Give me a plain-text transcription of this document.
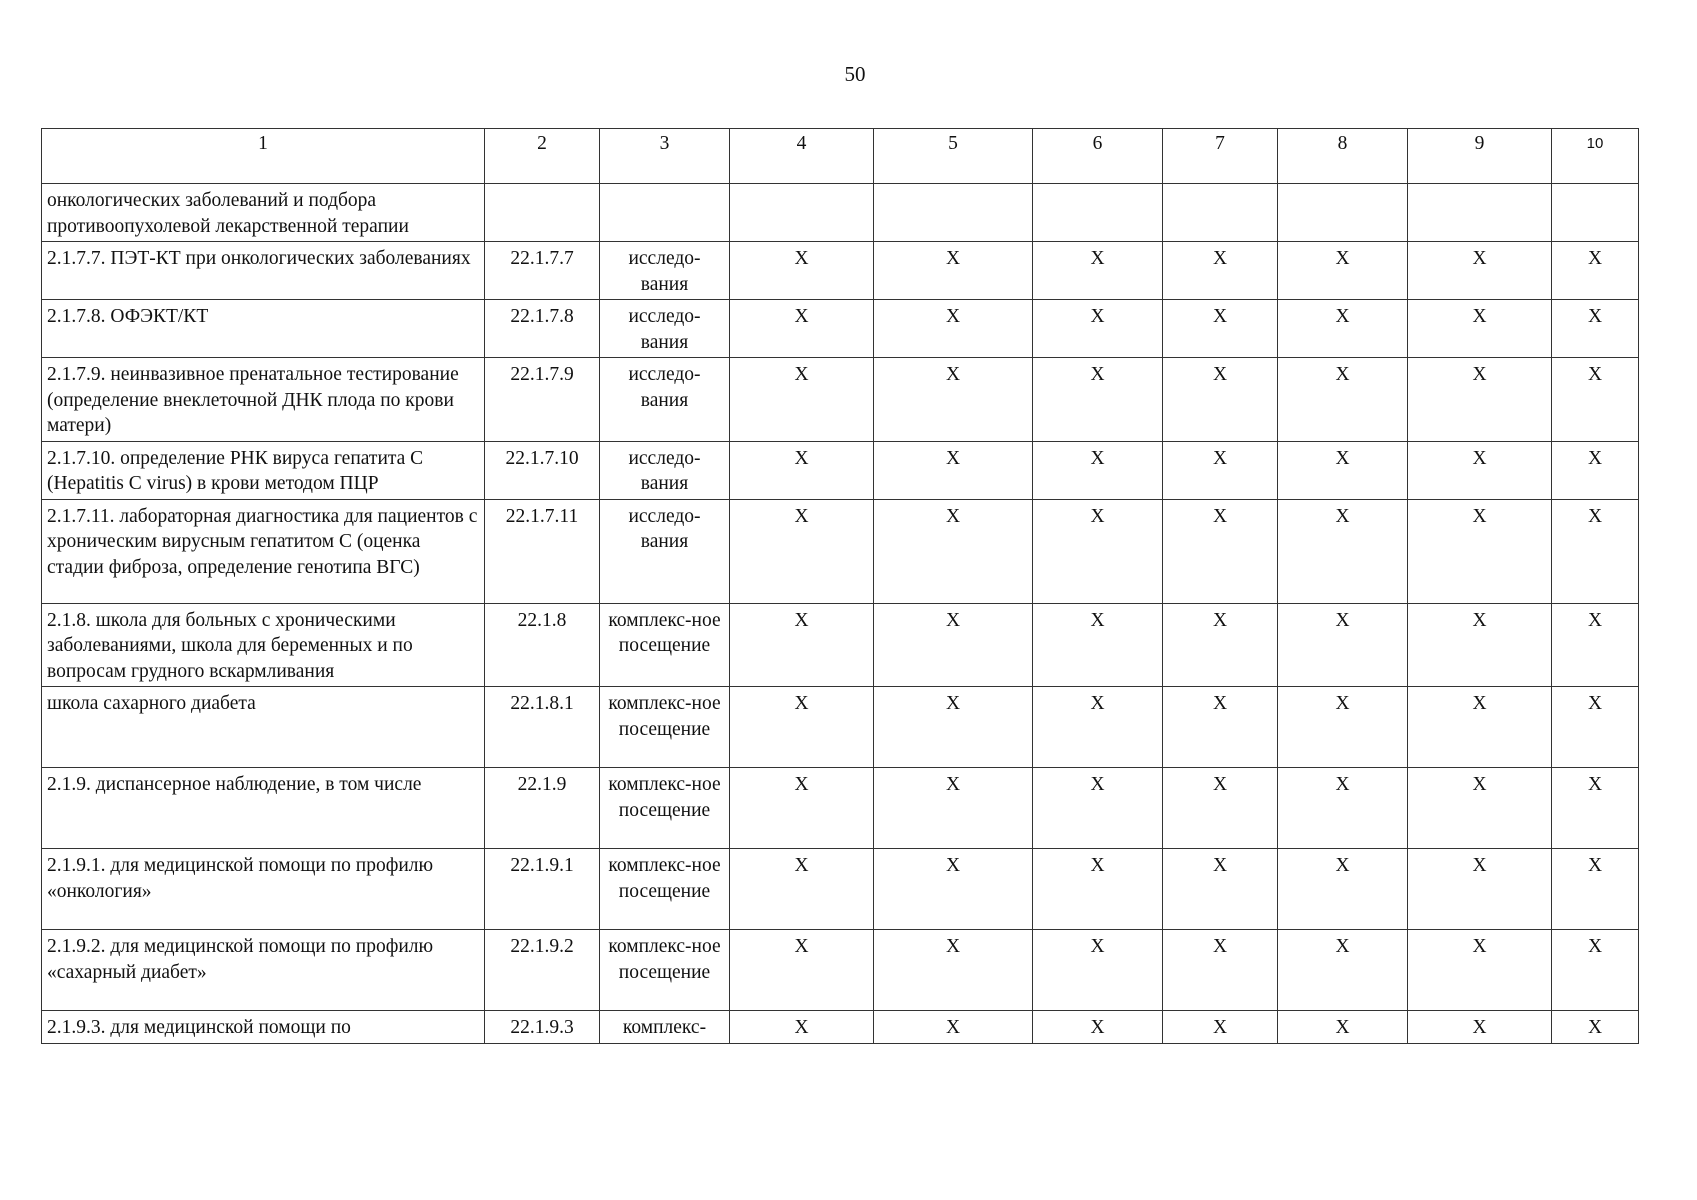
50
1	2	3	4	5	6	7	8	9	10
онкологических заболеваний и подбора противоопухолевой лекарственной терапии									
2.1.7.7. ПЭТ-КТ при онкологических заболеваниях	22.1.7.7	исследо-вания	X	X	X	X	X	X	X
2.1.7.8. ОФЭКТ/КТ	22.1.7.8	исследо-вания	X	X	X	X	X	X	X
2.1.7.9. неинвазивное пренатальное тестирование (определение внеклеточной ДНК плода по крови матери)	22.1.7.9	исследо-вания	X	X	X	X	X	X	X
2.1.7.10. определение РНК вируса гепатита С (Hepatitis C virus) в крови методом ПЦР	22.1.7.10	исследо-вания	X	X	X	X	X	X	X
2.1.7.11. лабораторная диагностика для пациентов с хроническим вирусным гепатитом С (оценка стадии фиброза, определение генотипа ВГС)	22.1.7.11	исследо-вания	X	X	X	X	X	X	X
2.1.8. школа для больных с хроническими заболеваниями, школа для беременных и по вопросам грудного вскармливания	22.1.8	комплекс-ное посещение	X	X	X	X	X	X	X
школа сахарного диабета	22.1.8.1	комплекс-ное посещение	X	X	X	X	X	X	X
2.1.9. диспансерное наблюдение, в том числе	22.1.9	комплекс-ное посещение	X	X	X	X	X	X	X
2.1.9.1. для медицинской помощи по профилю «онкология»	22.1.9.1	комплекс-ное посещение	X	X	X	X	X	X	X
2.1.9.2. для медицинской помощи по профилю «сахарный диабет»	22.1.9.2	комплекс-ное посещение	X	X	X	X	X	X	X
2.1.9.3. для медицинской помощи по	22.1.9.3	комплекс-	X	X	X	X	X	X	X
